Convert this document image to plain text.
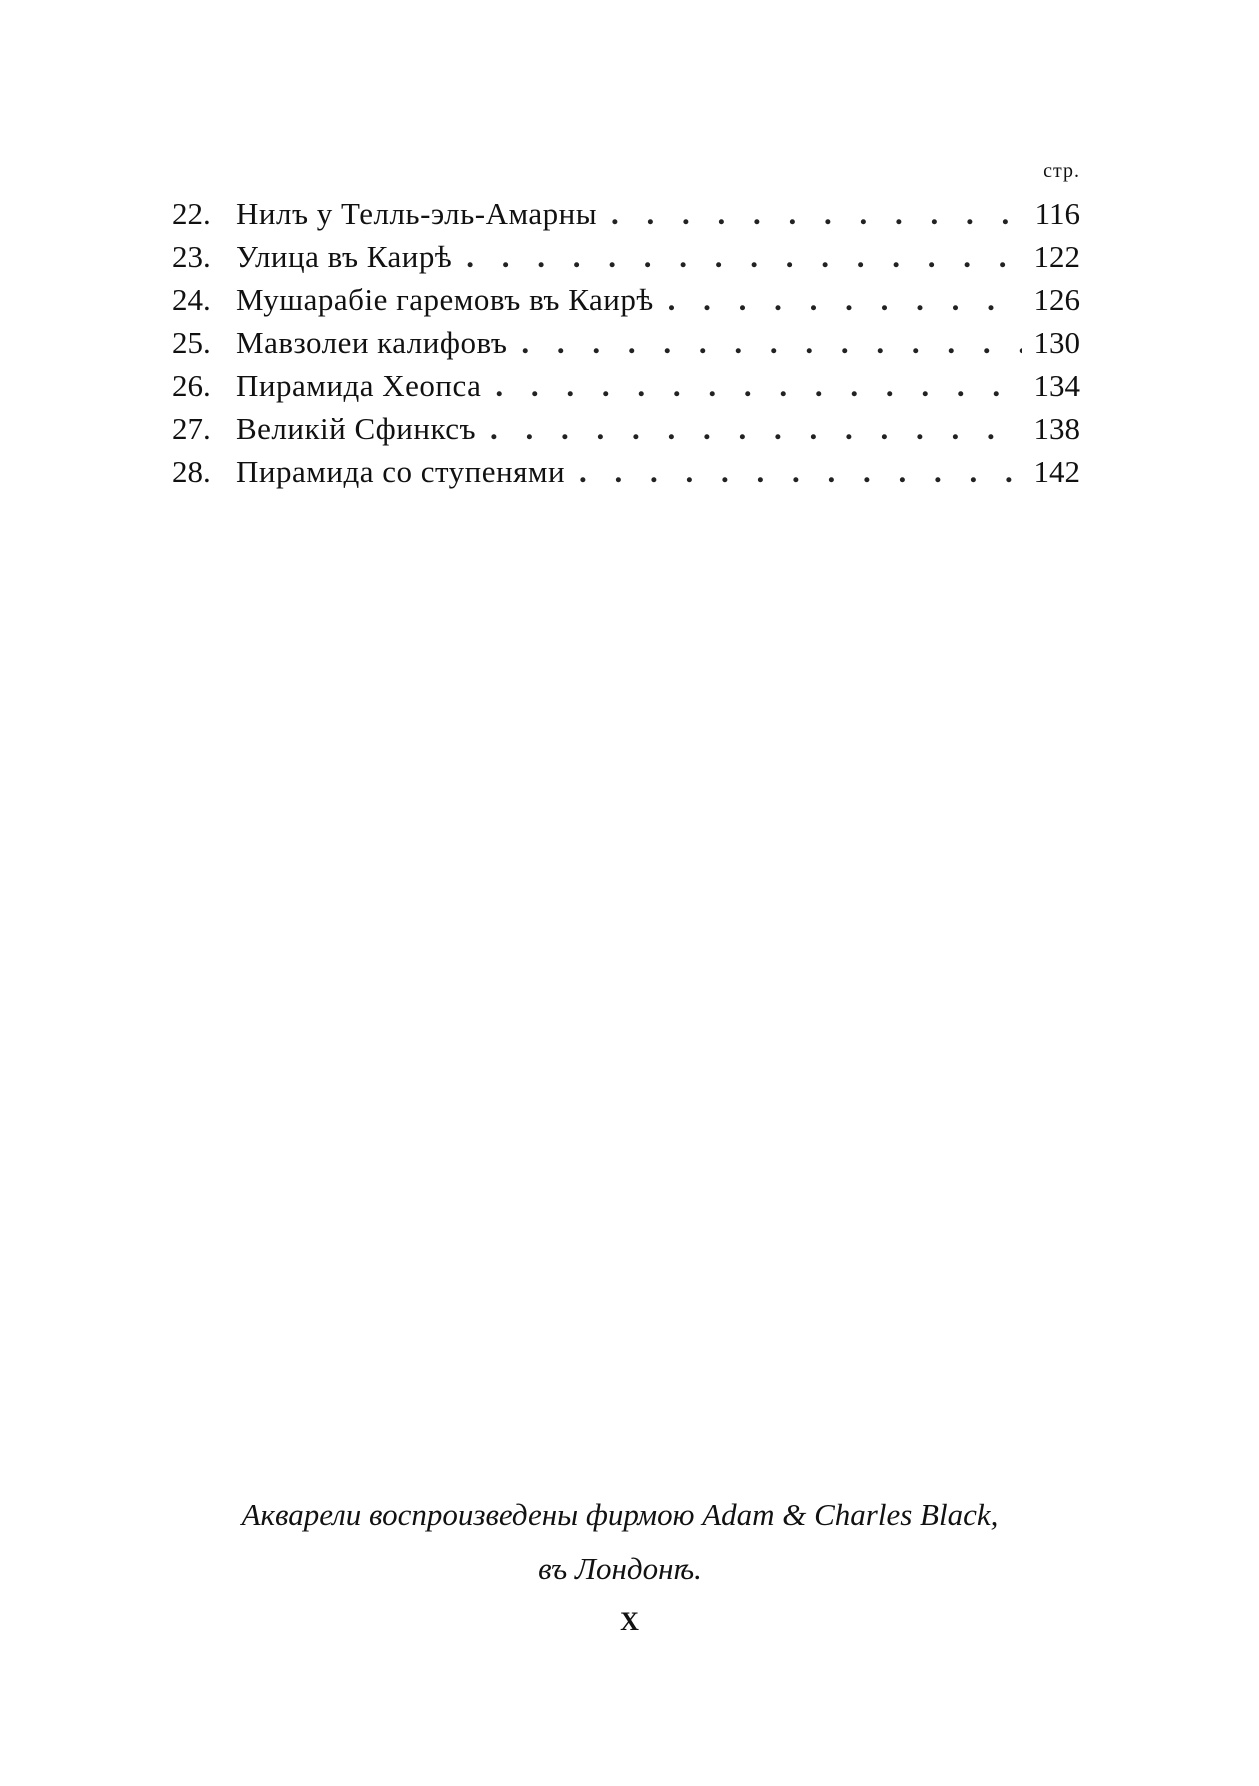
стр.
22. Нилъ у Телль-эль-Амарны . . .	116
23. Улица въ Каирѣ . . .	122
24. Мушарабіе гаремовъ въ Каирѣ . . .	126
25. Мавзолеи калифовъ . . .	130
26. Пирамида Хеопса . . .	134
27. Великій Сфинксъ . . .	138
28. Пирамида со ступенями . . .	142
Акварели воспроизведены фирмою Adam & Charles Black,
въ Лондонѣ.
X
